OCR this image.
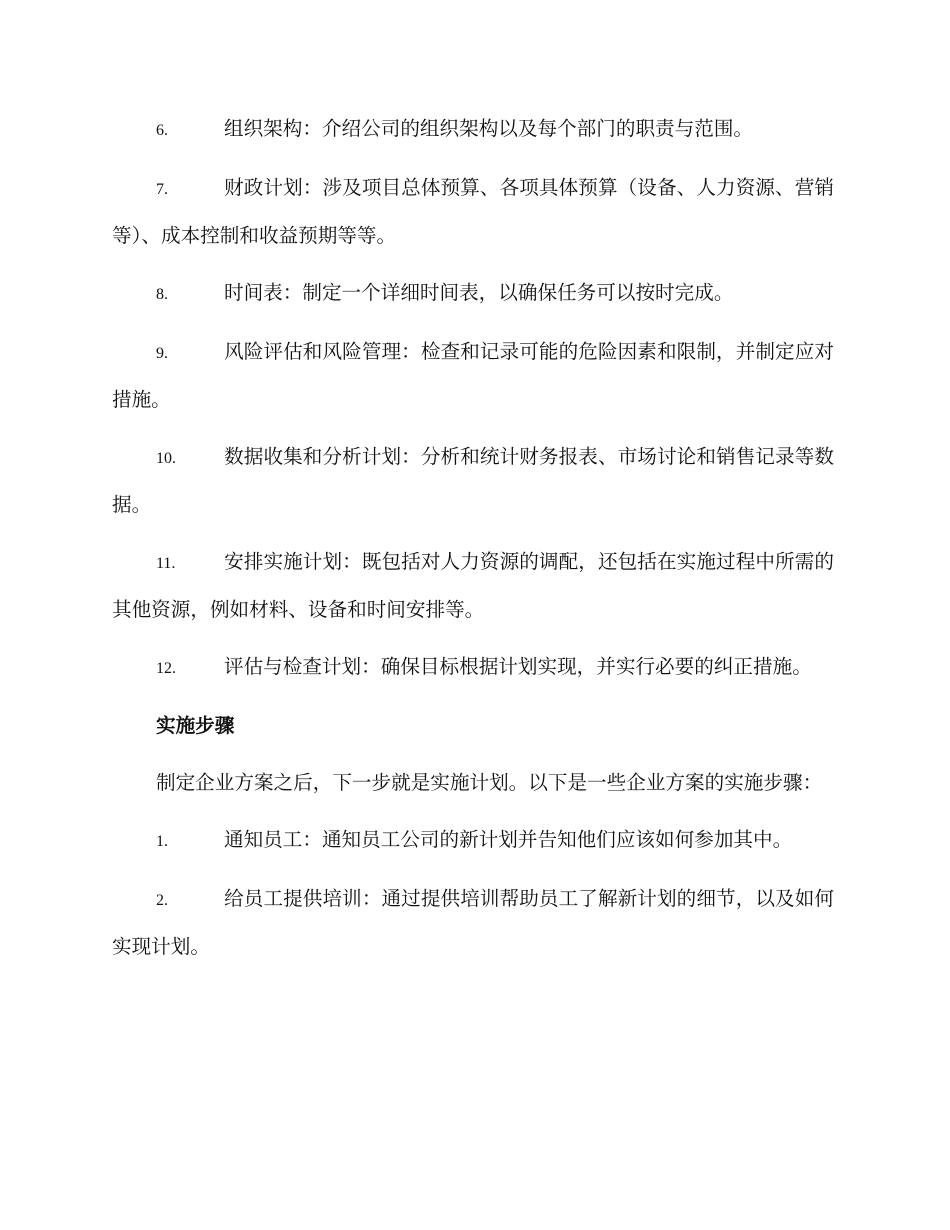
6.	组织架构：介绍公司的组织架构以及每个部门的职责与范围。
7.	财政计划：涉及项目总体预算、各项具体预算（设备、人力资源、营销等）、成本控制和收益预期等等。
8.	时间表：制定一个详细时间表，以确保任务可以按时完成。
9.	风险评估和风险管理：检查和记录可能的危险因素和限制，并制定应对措施。
10. 数据收集和分析计划：分析和统计财务报表、市场讨论和销售记录等数据。
11. 安排实施计划：既包括对人力资源的调配，还包括在实施过程中所需的其他资源，例如材料、设备和时间安排等。
12. 评估与检查计划：确保目标根据计划实现，并实行必要的纠正措施。
实施步骤
制定企业方案之后，下一步就是实施计划。以下是一些企业方案的实施步骤：
1.	通知员工：通知员工公司的新计划并告知他们应该如何参加其中。
2.	给员工提供培训：通过提供培训帮助员工了解新计划的细节，以及如何实现计划。
